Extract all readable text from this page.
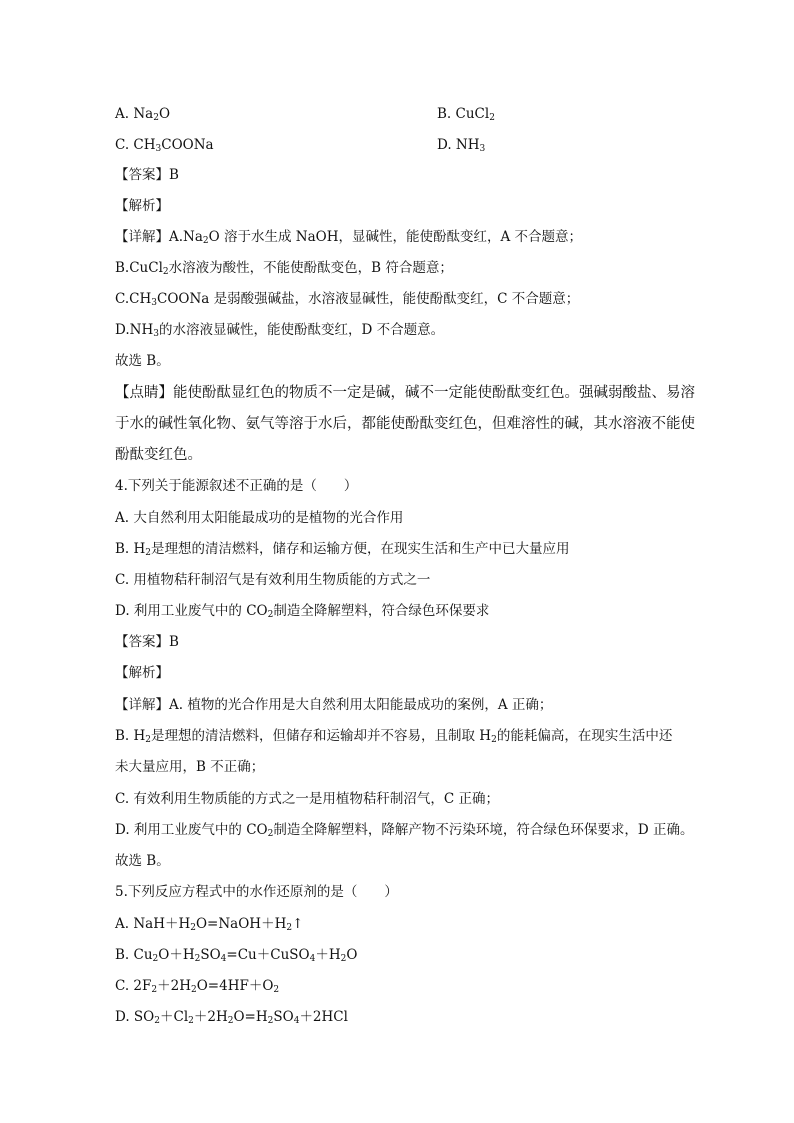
A. $Na_2O$	B. CuCl$_2$
C. $CH_3COONa$	D. $NH_3$
【答案】B
【解析】
【详解】$A.Na_2O$ 溶于水生成 NaOH，显碱性，能使酚酞变红，A 不合题意；
B.CuCl$_2$水溶液为酸性，不能使酚酞变色，B 符合题意；
$C.CH_3COONa$ 是弱酸强碱盐，水溶液显碱性，能使酚酞变红，C 不合题意；
$D.NH_3$的水溶液显碱性，能使酚酞变红，D 不合题意。
故选 B。
【点睛】能使酚酞显红色的物质不一定是碱，碱不一定能使酚酞变红色。强碱弱酸盐、易溶
于水的碱性氧化物、氨气等溶于水后，都能使酚酞变红色，但难溶性的碱，其水溶液不能使
酚酞变红色。
4.下列关于能源叙述不正确的是（　　）
A. 大自然利用太阳能最成功的是植物的光合作用
B. $H_2$是理想的清洁燃料，储存和运输方便，在现实生活和生产中已大量应用
C. 用植物秸秆制沼气是有效利用生物质能的方式之一
D. 利用工业废气中的 $CO_2$制造全降解塑料，符合绿色环保要求
【答案】B
【解析】
【详解】A. 植物的光合作用是大自然利用太阳能最成功的案例，A 正确；
B. $H_2$是理想的清洁燃料，但储存和运输却并不容易，且制取 $H_2$的能耗偏高，在现实生活中还
未大量应用，B 不正确；
C. 有效利用生物质能的方式之一是用植物秸秆制沼气，C 正确；
D. 利用工业废气中的 $CO_2$制造全降解塑料，降解产物不污染环境，符合绿色环保要求，D 正确。
故选 B。
5.下列反应方程式中的水作还原剂的是（　　）
A. $NaH+H_2O=NaOH+H_2↑$
B. $Cu_2O+H_2SO_4=Cu+CuSO_4+H_2O$
C. $2F_2+2H_2O=4HF+O_2$
D. $SO_2+Cl_2+2H_2O=H_2SO_4+2HCl$
